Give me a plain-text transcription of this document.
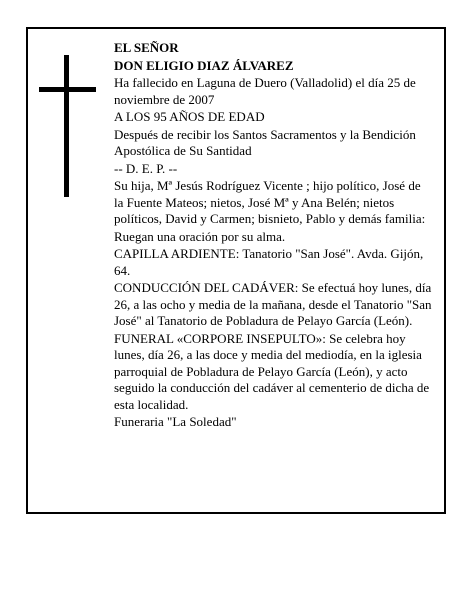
EL SEÑOR

DON ELIGIO DIAZ ÁLVAREZ

Ha fallecido en Laguna de Duero (Valladolid) el día 25 de noviembre de 2007

A LOS 95 AÑOS DE EDAD

Después de recibir los Santos Sacramentos y la Bendición Apostólica de Su Santidad

-- D. E. P. --

Su hija, Mª Jesús Rodríguez Vicente ; hijo político, José de la Fuente Mateos; nietos, José Mª y Ana Belén; nietos políticos, David y Carmen; bisnieto, Pablo y demás familia:

Ruegan una oración por su alma.

CAPILLA ARDIENTE: Tanatorio "San José". Avda. Gijón, 64.

CONDUCCIÓN DEL CADÁVER: Se efectuá hoy lunes, día 26, a las ocho y media de la mañana, desde el Tanatorio "San José" al Tanatorio de Pobladura de Pelayo García (León).

FUNERAL «CORPORE INSEPULTO»: Se celebra hoy lunes, día 26, a las doce y media del mediodía, en la iglesia parroquial de Pobladura de Pelayo García (León), y acto seguido la conducción del cadáver al cementerio de dicha de esta localidad.

Funeraria "La Soledad"
